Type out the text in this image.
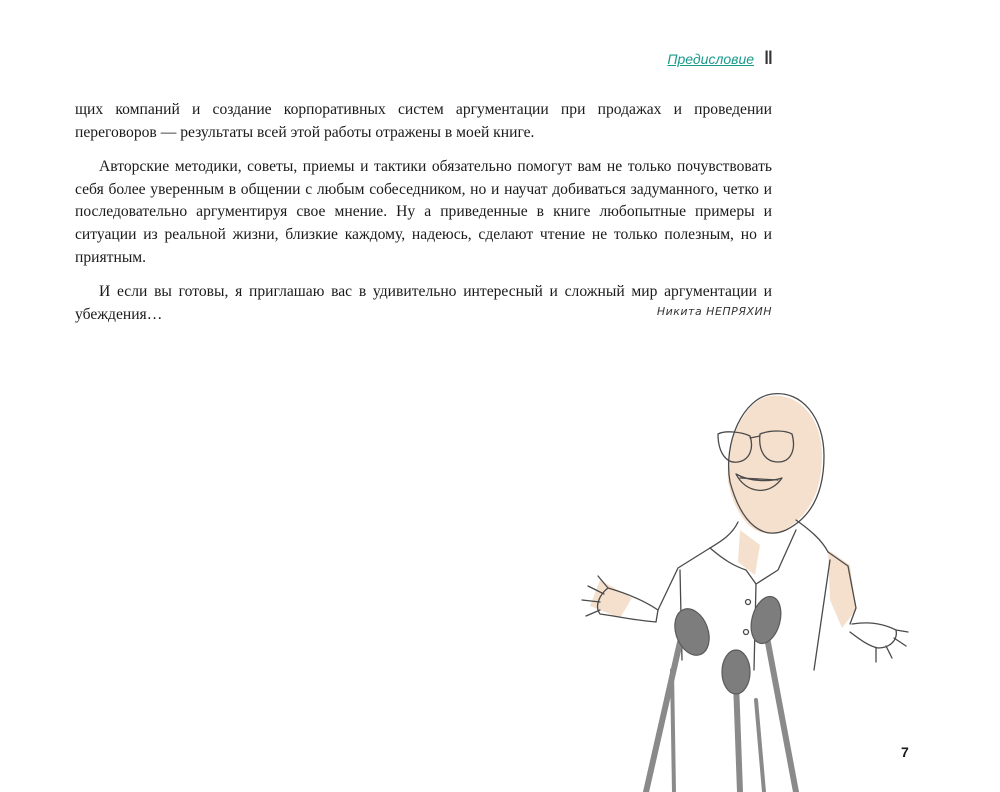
Предисловие ‖

щих компаний и создание корпоративных систем аргументации при продажах и проведении переговоров — результаты всей этой работы отражены в моей книге.

Авторские методики, советы, приемы и тактики обязательно помогут вам не только почувствовать себя более уверенным в общении с любым собеседником, но и научат добиваться задуманного, четко и последовательно аргументируя свое мнение. Ну а приведенные в книге любопытные примеры и ситуации из реальной жизни, близкие каждому, надеюсь, сделают чтение не только полезным, но и приятным.

И если вы готовы, я приглашаю вас в удивительно интересный и сложный мир аргументации и убеждения…	Никита НЕПРЯХИН
7
